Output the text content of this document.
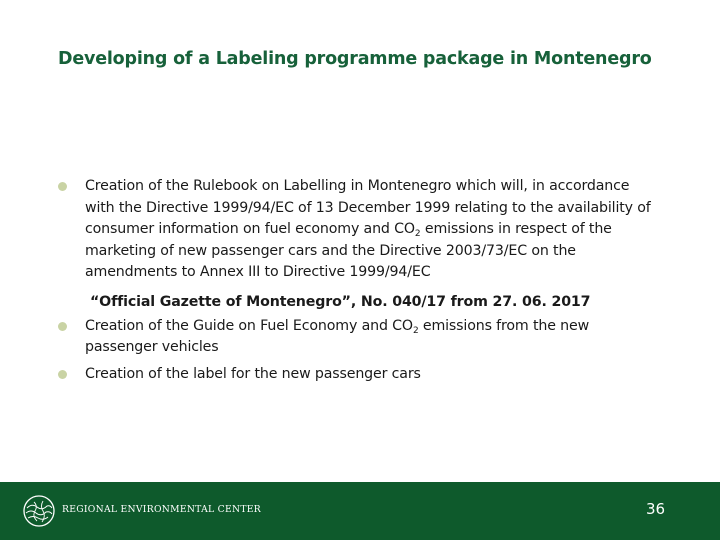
Developing of a Labeling programme package in Montenegro
Creation of the Rulebook on Labelling in Montenegro which will, in accordance with the Directive 1999/94/EC of 13 December 1999 relating to the availability of consumer information on fuel economy and $CO_2$ emissions in respect of the marketing of new passenger cars and the Directive 2003/73/EC on the amendments to Annex III to Directive 1999/94/EC
“Official Gazette of Montenegro”, No. 040/17 from 27. 06. 2017
Creation of the Guide on Fuel Economy and $CO_2$ emissions from the new passenger vehicles
Creation of the label for the new passenger cars
REGIONAL ENVIRONMENTAL CENTER	36
